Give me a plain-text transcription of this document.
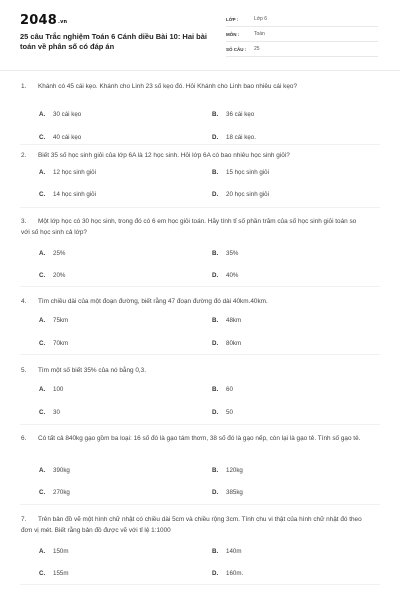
2048.vn
25 câu Trắc nghiệm Toán 6 Cánh diều Bài 10: Hai bài toán về phân số có đáp án
LỚP :	Lớp 6
MÔN :	Toán
SỐ CÂU :	25
1. Khánh có 45 cái kẹo. Khánh cho Linh 23 số kẹo đó. Hỏi Khánh cho Linh bao nhiêu cái kẹo?
A. 30 cái kẹo	B. 36 cái kẹo
C. 40 cái kẹo	D. 18 cái kẹo.
2. Biết 35 số học sinh giỏi của lớp 6A là 12 học sinh. Hỏi lớp 6A có bao nhiêu học sinh giỏi?
A. 12 học sinh giỏi	B. 15 học sinh giỏi
C. 14 học sinh giỏi	D. 20 học sinh giỏi
3. Một lớp học có 30 học sinh, trong đó có 6 em học giỏi toán. Hãy tính tỉ số phần trăm của số học sinh giỏi toán so với số học sinh cả lớp?
A. 25%	B. 35%
C. 20%	D. 40%
4. Tìm chiều dài của một đoạn đường, biết rằng 47 đoạn đường đó dài 40km.40km.
A. 75km	B. 48km
C. 70km	D. 80km
5. Tìm một số biết 35% của nó bằng 0,3.
A. 100	B. 60
C. 30	D. 50
6. Có tất cả 840kg gạo gồm ba loại: 16 số đó là gạo tám thơm, 38 số đó là gạo nếp, còn lại là gạo tẻ. Tính số gạo tẻ.
A. 390kg	B. 120kg
C. 270kg	D. 385kg
7. Trên bản đồ vẽ một hình chữ nhật có chiều dài 5cm và chiều rộng 3cm. Tính chu vi thật của hình chữ nhật đó theo đơn vị mét. Biết rằng bản đồ được vẽ với tỉ lệ 1:1000
A. 150m	B. 140m
C. 155m	D. 160m.
